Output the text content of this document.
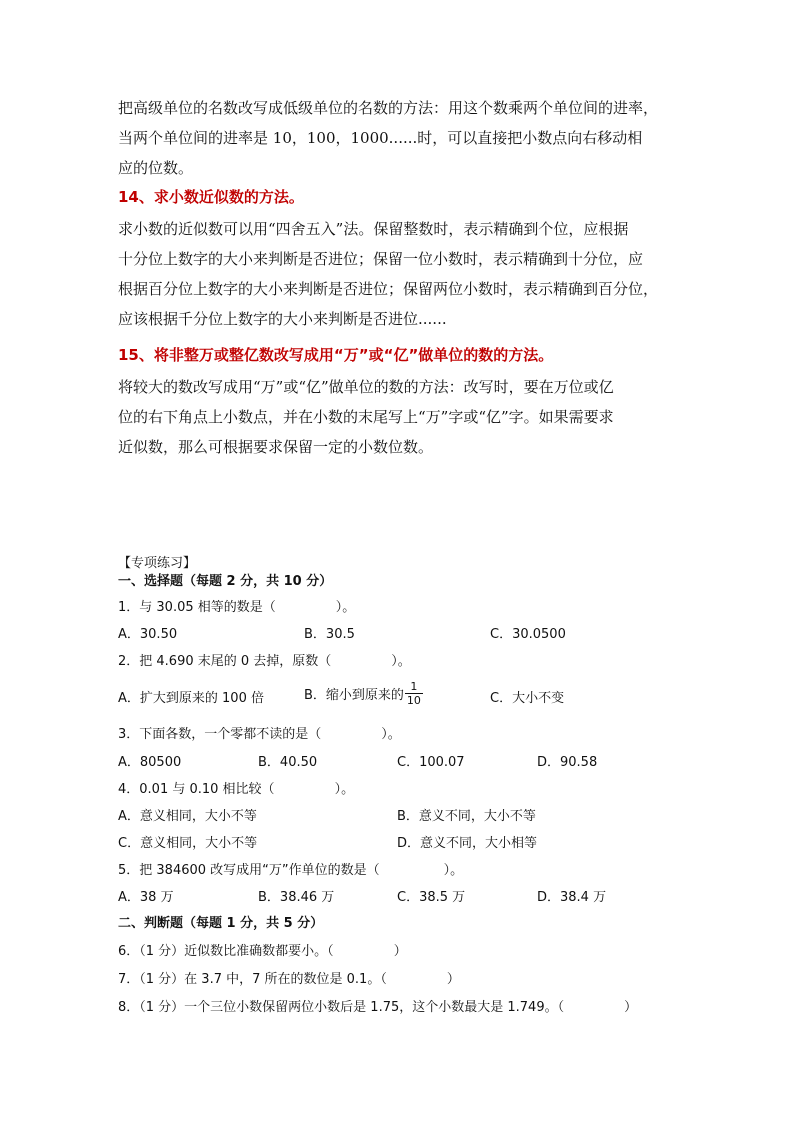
把高级单位的名数改写成低级单位的名数的方法：用这个数乘两个单位间的进率，
当两个单位间的进率是 10，100，1000......时，可以直接把小数点向右移动相
应的位数。
14、求小数近似数的方法。
求小数的近似数可以用“四舍五入”法。保留整数时，表示精确到个位，应根据
十分位上数字的大小来判断是否进位；保留一位小数时，表示精确到十分位，应
根据百分位上数字的大小来判断是否进位；保留两位小数时，表示精确到百分位，
应该根据千分位上数字的大小来判断是否进位......
15、将非整万或整亿数改写成用“万”或“亿”做单位的数的方法。
将较大的数改写成用“万”或“亿”做单位的数的方法：改写时，要在万位或亿
位的右下角点上小数点，并在小数的末尾写上“万”字或“亿”字。如果需要求
近似数，那么可根据要求保留一定的小数位数。
【专项练习】
一、选择题（每题 2 分，共 10 分）
1．与 30.05 相等的数是（	）。
A．30.50	B．30.5	C．30.0500
2．把 4.690 末尾的 0 去掉，原数（	）。
A．扩大到原来的 100 倍	B．缩小到原来的 $\frac{1}{10}$	C．大小不变
3．下面各数，一个零都不读的是（	）。
A．80500	B．40.50	C．100.07	D．90.58
4．0.01 与 0.10 相比较（	）。
A．意义相同，大小不等	B．意义不同，大小不等
C．意义相同，大小不等	D．意义不同，大小相等
5．把 384600 改写成用“万”作单位的数是（	）。
A．38 万	B．38.46 万	C．38.5 万	D．38.4 万
二、判断题（每题 1 分，共 5 分）
6．（1 分）近似数比准确数都要小。（	）
7．（1 分）在 3.7 中，7 所在的数位是 0.1。（	）
8．（1 分）一个三位小数保留两位小数后是 1.75，这个小数最大是 1.749。（	）
